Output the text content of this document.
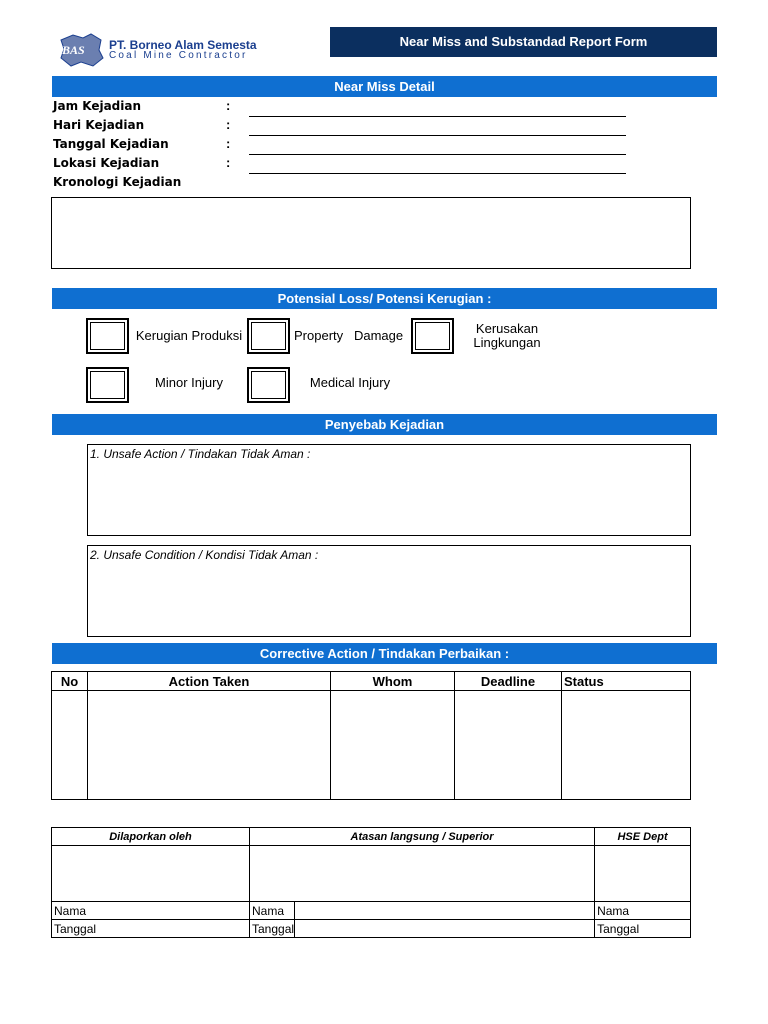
BAS PT. Borneo Alam Semesta
Coal Mine Contractor
Near Miss and Substandad Report Form
Near Miss Detail
Jam Kejadian	:
Hari Kejadian	:
Tanggal Kejadian	:
Lokasi Kejadian	:
Kronologi Kejadian
Potensial Loss/ Potensi Kerugian :
Kerugian Produksi	Property   Damage	Kerusakan
Lingkungan
Minor Injury	Medical Injury
Penyebab Kejadian
1. Unsafe Action / Tindakan Tidak Aman :
2. Unsafe Condition / Kondisi Tidak Aman :
Corrective Action / Tindakan Perbaikan :
No	Action Taken	Whom	Deadline	Status

Dilaporkan oleh	Atasan langsung / Superior		HSE Dept

Nama	Nama		Nama
Tanggal	Tanggal		Tanggal
